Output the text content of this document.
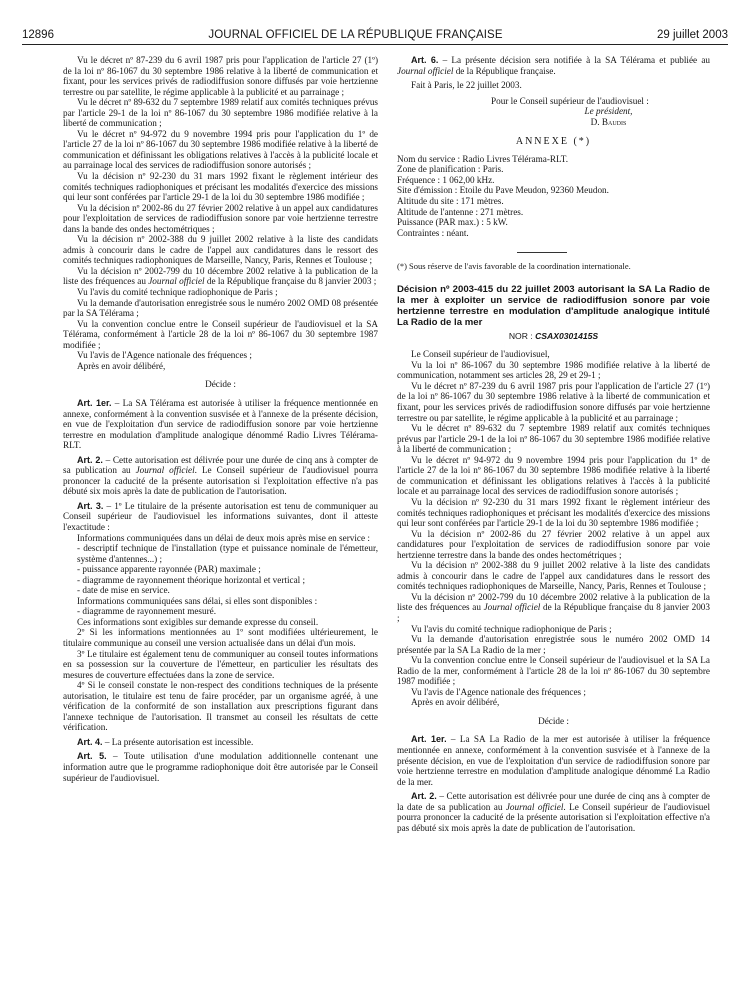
12896	JOURNAL OFFICIEL DE LA RÉPUBLIQUE FRANÇAISE	29 juillet 2003

Vu le décret nº 87-239 du 6 avril 1987 pris pour l'application de l'article 27 (1º) de la loi nº 86-1067 du 30 septembre 1986 relative à la liberté de communication et fixant, pour les services privés de radiodiffusion sonore diffusés par voie hertzienne terrestre ou par satellite, le régime applicable à la publicité et au parrainage ;

Vu le décret nº 89-632 du 7 septembre 1989 relatif aux comités techniques prévus par l'article 29-1 de la loi nº 86-1067 du 30 septembre 1986 modifiée relative à la liberté de communication ;

Vu le décret nº 94-972 du 9 novembre 1994 pris pour l'application du 1º de l'article 27 de la loi nº 86-1067 du 30 septembre 1986 modifiée relative à la liberté de communication et définissant les obligations relatives à l'accès à la publicité locale et au parrainage local des services de radiodiffusion sonore autorisés ;

Vu la décision nº 92-230 du 31 mars 1992 fixant le règlement intérieur des comités techniques radiophoniques et précisant les modalités d'exercice des missions qui leur sont conférées par l'article 29-1 de la loi du 30 septembre 1986 modifiée ;

Vu la décision nº 2002-86 du 27 février 2002 relative à un appel aux candidatures pour l'exploitation de services de radiodiffusion sonore par voie hertzienne terrestre dans la bande des ondes hectométriques ;

Vu la décision nº 2002-388 du 9 juillet 2002 relative à la liste des candidats admis à concourir dans le cadre de l'appel aux candidatures dans le ressort des comités techniques radiophoniques de Marseille, Nancy, Paris, Rennes et Toulouse ;

Vu la décision nº 2002-799 du 10 décembre 2002 relative à la publication de la liste des fréquences au Journal officiel de la République française du 8 janvier 2003 ;

Vu l'avis du comité technique radiophonique de Paris ;

Vu la demande d'autorisation enregistrée sous le numéro 2002 OMD 08 présentée par la SA Télérama ;

Vu la convention conclue entre le Conseil supérieur de l'audiovisuel et la SA Télérama, conformément à l'article 28 de la loi nº 86-1067 du 30 septembre 1987 modifiée ;

Vu l'avis de l'Agence nationale des fréquences ;

Après en avoir délibéré,

Décide :

Art. 1er. – La SA Télérama est autorisée à utiliser la fréquence mentionnée en annexe, conformément à la convention susvisée et à l'annexe de la présente décision, en vue de l'exploitation d'un service de radiodiffusion sonore par voie hertzienne terrestre en modulation d'amplitude analogique dénommé Radio Livres Télérama-RLT.

Art. 2. – Cette autorisation est délivrée pour une durée de cinq ans à compter de sa publication au Journal officiel. Le Conseil supérieur de l'audiovisuel pourra prononcer la caducité de la présente autorisation si l'exploitation effective n'a pas débuté six mois après la date de publication de l'autorisation.

Art. 3. – 1º Le titulaire de la présente autorisation est tenu de communiquer au Conseil supérieur de l'audiovisuel les informations suivantes, dont il atteste l'exactitude :

Informations communiquées dans un délai de deux mois après mise en service :

- descriptif technique de l'installation (type et puissance nominale de l'émetteur, système d'antennes...) ;
- puissance apparente rayonnée (PAR) maximale ;
- diagramme de rayonnement théorique horizontal et vertical ;
- date de mise en service.

Informations communiquées sans délai, si elles sont disponibles :

- diagramme de rayonnement mesuré.

Ces informations sont exigibles sur demande expresse du conseil.

2º Si les informations mentionnées au 1º sont modifiées ultérieurement, le titulaire communique au conseil une version actualisée dans un délai d'un mois.

3º Le titulaire est également tenu de communiquer au conseil toutes informations en sa possession sur la couverture de l'émetteur, en particulier les résultats des mesures de couverture effectuées dans la zone de service.

4º Si le conseil constate le non-respect des conditions techniques de la présente autorisation, le titulaire est tenu de faire procéder, par un organisme agréé, à une vérification de la conformité de son installation aux prescriptions figurant dans l'annexe technique de l'autorisation. Il transmet au conseil les résultats de cette vérification.

Art. 4. – La présente autorisation est incessible.

Art. 5. – Toute utilisation d'une modulation additionnelle contenant une information autre que le programme radiophonique doit être autorisée par le Conseil supérieur de l'audiovisuel.

Art. 6. – La présente décision sera notifiée à la SA Télérama et publiée au Journal officiel de la République française.

Fait à Paris, le 22 juillet 2003.

Pour le Conseil supérieur de l'audiovisuel :

Le président,

D. Baudis

ANNEXE (*)

Nom du service : Radio Livres Télérama-RLT.

Zone de planification : Paris.

Fréquence : 1 062,00 kHz.

Site d'émission : Etoile du Pave Meudon, 92360 Meudon.

Altitude du site : 171 mètres.

Altitude de l'antenne : 271 mètres.

Puissance (PAR max.) : 5 kW.

Contraintes : néant.

(*) Sous réserve de l'avis favorable de la coordination internationale.

Décision nº 2003-415 du 22 juillet 2003 autorisant la SA La Radio de la mer à exploiter un service de radiodiffusion sonore par voie hertzienne terrestre en modulation d'amplitude analogique intitulé La Radio de la mer

NOR : CSAX0301415S

Le Conseil supérieur de l'audiovisuel,

Vu la loi nº 86-1067 du 30 septembre 1986 modifiée relative à la liberté de communication, notamment ses articles 28, 29 et 29-1 ;

Vu le décret nº 87-239 du 6 avril 1987 pris pour l'application de l'article 27 (1º) de la loi nº 86-1067 du 30 septembre 1986 relative à la liberté de communication et fixant, pour les services privés de radiodiffusion sonore diffusés par voie hertzienne terrestre ou par satellite, le régime applicable à la publicité et au parrainage ;

Vu le décret nº 89-632 du 7 septembre 1989 relatif aux comités techniques prévus par l'article 29-1 de la loi nº 86-1067 du 30 septembre 1986 modifiée relative à la liberté de communication ;

Vu le décret nº 94-972 du 9 novembre 1994 pris pour l'application du 1º de l'article 27 de la loi nº 86-1067 du 30 septembre 1986 modifiée relative à la liberté de communication et définissant les obligations relatives à l'accès à la publicité locale et au parrainage local des services de radiodiffusion sonore autorisés ;

Vu la décision nº 92-230 du 31 mars 1992 fixant le règlement intérieur des comités techniques radiophoniques et précisant les modalités d'exercice des missions qui leur sont conférées par l'article 29-1 de la loi du 30 septembre 1986 modifiée ;

Vu la décision nº 2002-86 du 27 février 2002 relative à un appel aux candidatures pour l'exploitation de services de radiodiffusion sonore par voie hertzienne terrestre dans la bande des ondes hectométriques ;

Vu la décision nº 2002-388 du 9 juillet 2002 relative à la liste des candidats admis à concourir dans le cadre de l'appel aux candidatures dans le ressort des comités techniques radiophoniques de Marseille, Nancy, Paris, Rennes et Toulouse ;

Vu la décision nº 2002-799 du 10 décembre 2002 relative à la publication de la liste des fréquences au Journal officiel de la République française du 8 janvier 2003 ;

Vu l'avis du comité technique radiophonique de Paris ;

Vu la demande d'autorisation enregistrée sous le numéro 2002 OMD 14 présentée par la SA La Radio de la mer ;

Vu la convention conclue entre le Conseil supérieur de l'audiovisuel et la SA La Radio de la mer, conformément à l'article 28 de la loi nº 86-1067 du 30 septembre 1987 modifiée ;

Vu l'avis de l'Agence nationale des fréquences ;

Après en avoir délibéré,

Décide :

Art. 1er. – La SA La Radio de la mer est autorisée à utiliser la fréquence mentionnée en annexe, conformément à la convention susvisée et à l'annexe de la présente décision, en vue de l'exploitation d'un service de radiodiffusion sonore par voie hertzienne terrestre en modulation d'amplitude analogique dénommé La Radio de la mer.

Art. 2. – Cette autorisation est délivrée pour une durée de cinq ans à compter de la date de sa publication au Journal officiel. Le Conseil supérieur de l'audiovisuel pourra prononcer la caducité de la présente autorisation si l'exploitation effective n'a pas débuté six mois après la date de publication de l'autorisation.
